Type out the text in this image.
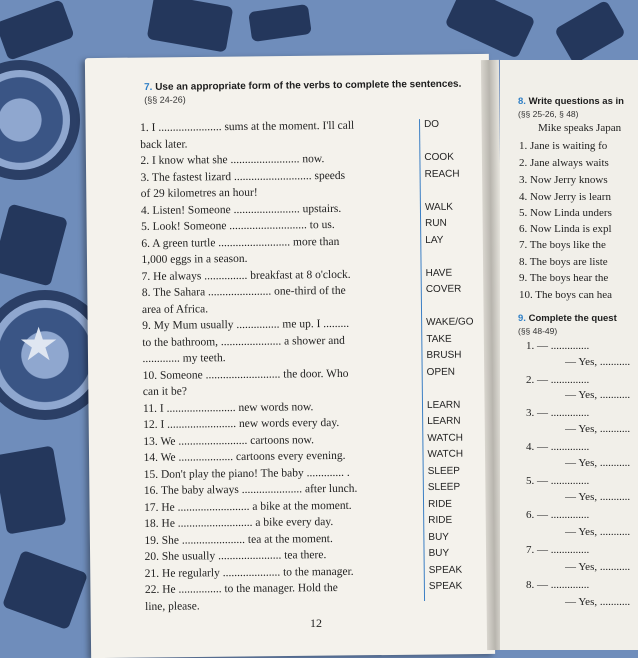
★
7. Use an appropriate form of the verbs to complete the sentences.
(§§ 24-26)
1. I ...................... sums at the moment. I'll call	DO
back later.
2. I know what she ........................ now.	COOK
3. The fastest lizard ........................... speeds	REACH
of 29 kilometres an hour!
4. Listen! Someone ....................... upstairs.	WALK
5. Look! Someone ........................... to us.	RUN
6. A green turtle ......................... more than	LAY
1,000 eggs in a season.
7. He always ............... breakfast at 8 o'clock.	HAVE
8. The Sahara ...................... one-third of the	COVER
area of Africa.
9. My Mum usually ............... me up. I .........	WAKE/GO
to the bathroom, ..................... a shower and	TAKE
............. my teeth.	BRUSH
10. Someone .......................... the door. Who	OPEN
can it be?
11. I ........................ new words now.	LEARN
12. I ........................ new words every day.	LEARN
13. We ........................ cartoons now.	WATCH
14. We ................... cartoons every evening.	WATCH
15. Don't play the piano! The baby ............. .	SLEEP
16. The baby always ..................... after lunch.	SLEEP
17. He ......................... a bike at the moment.	RIDE
18. He .......................... a bike every day.	RIDE
19. She ...................... tea at the moment.	BUY
20. She usually ...................... tea there.	BUY
21. He regularly .................... to the manager.	SPEAK
22. He ............... to the manager. Hold the	SPEAK
line, please.
12
8. Write questions as in
(§§ 25-26, § 48)
Mike speaks Japan
1. Jane is waiting fo
2. Jane always waits
3. Now Jerry knows
4. Now Jerry is learn
5. Now Linda unders
6. Now Linda is expl
7. The boys like the
8. The boys are liste
9. The boys hear the
10. The boys can hea
9. Complete the quest
(§§ 48-49)
1. — ..............
— Yes, ...........
2. — ..............
— Yes, ...........
3. — ..............
— Yes, ...........
4. — ..............
— Yes, ...........
5. — ..............
— Yes, ...........
6. — ..............
— Yes, ...........
7. — ..............
— Yes, ...........
8. — ..............
— Yes, ...........
